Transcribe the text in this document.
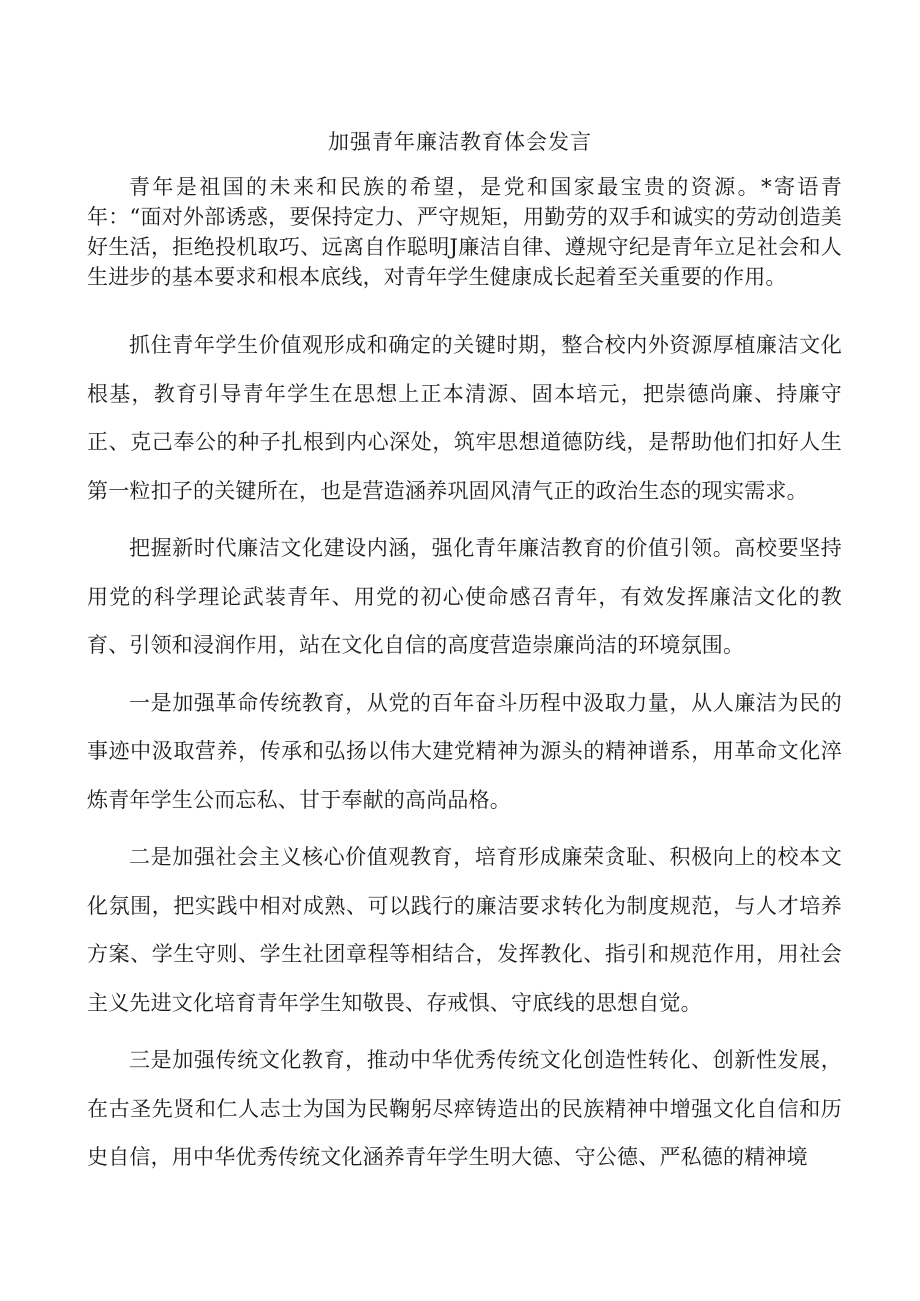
加强青年廉洁教育体会发言

青年是祖国的未来和民族的希望，是党和国家最宝贵的资源。*寄语青年：“面对外部诱惑，要保持定力、严守规矩，用勤劳的双手和诚实的劳动创造美好生活，拒绝投机取巧、远离自作聪明J廉洁自律、遵规守纪是青年立足社会和人生进步的基本要求和根本底线，对青年学生健康成长起着至关重要的作用。

抓住青年学生价值观形成和确定的关键时期，整合校内外资源厚植廉洁文化根基，教育引导青年学生在思想上正本清源、固本培元，把崇德尚廉、持廉守正、克己奉公的种子扎根到内心深处，筑牢思想道德防线，是帮助他们扣好人生第一粒扣子的关键所在，也是营造涵养巩固风清气正的政治生态的现实需求。

把握新时代廉洁文化建设内涵，强化青年廉洁教育的价值引领。高校要坚持用党的科学理论武装青年、用党的初心使命感召青年，有效发挥廉洁文化的教育、引领和浸润作用，站在文化自信的高度营造崇廉尚洁的环境氛围。

一是加强革命传统教育，从党的百年奋斗历程中汲取力量，从人廉洁为民的事迹中汲取营养，传承和弘扬以伟大建党精神为源头的精神谱系，用革命文化淬炼青年学生公而忘私、甘于奉献的高尚品格。

二是加强社会主义核心价值观教育，培育形成廉荣贪耻、积极向上的校本文化氛围，把实践中相对成熟、可以践行的廉洁要求转化为制度规范，与人才培养方案、学生守则、学生社团章程等相结合，发挥教化、指引和规范作用，用社会主义先进文化培育青年学生知敬畏、存戒惧、守底线的思想自觉。

三是加强传统文化教育，推动中华优秀传统文化创造性转化、创新性发展，在古圣先贤和仁人志士为国为民鞠躬尽瘁铸造出的民族精神中增强文化自信和历史自信，用中华优秀传统文化涵养青年学生明大德、守公德、严私德的精神境
